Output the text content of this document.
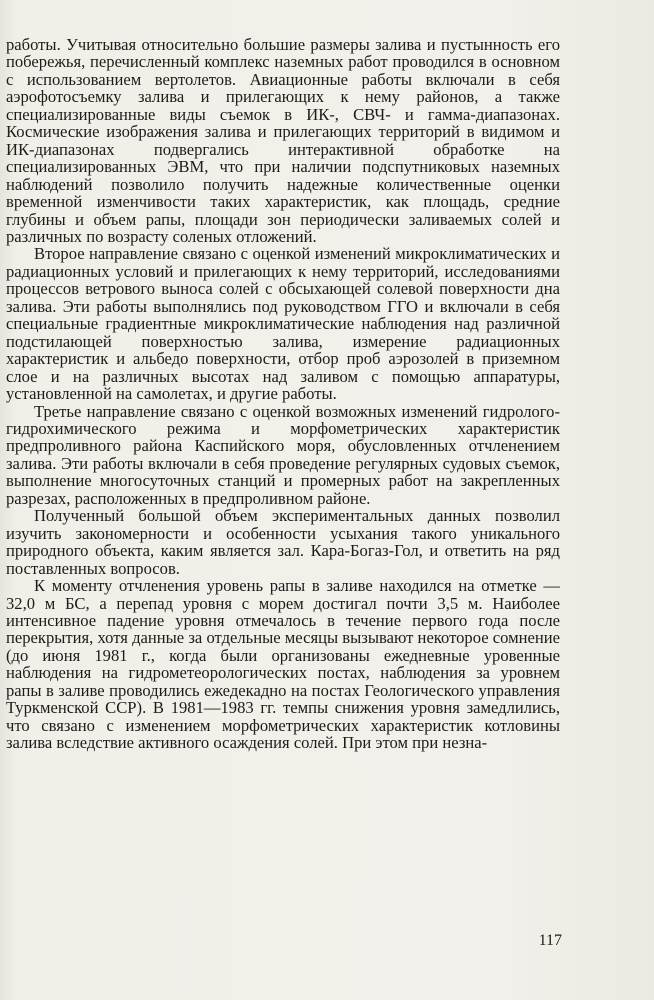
работы. Учитывая относительно большие размеры залива и пустынность его побережья, перечисленный комплекс наземных работ проводился в основном с использованием вертолетов. Авиационные работы включали в себя аэрофотосъемку залива и прилегающих к нему районов, а также специализированные виды съемок в ИК-, СВЧ- и гамма-диапазонах. Космические изображения залива и прилегающих территорий в видимом и ИК-диапазонах подвергались интерактивной обработке на специализированных ЭВМ, что при наличии подспутниковых наземных наблюдений позволило получить надежные количественные оценки временной изменчивости таких характеристик, как площадь, средние глубины и объем рапы, площади зон периодически заливаемых солей и различных по возрасту соленых отложений.

Второе направление связано с оценкой изменений микроклиматических и радиационных условий и прилегающих к нему территорий, исследованиями процессов ветрового выноса солей с обсыхающей солевой поверхности дна залива. Эти работы выполнялись под руководством ГГО и включали в себя специальные градиентные микроклиматические наблюдения над различной подстилающей поверхностью залива, измерение радиационных характеристик и альбедо поверхности, отбор проб аэрозолей в приземном слое и на различных высотах над заливом с помощью аппаратуры, установленной на самолетах, и другие работы.

Третье направление связано с оценкой возможных изменений гидролого-гидрохимического режима и морфометрических характеристик предпроливного района Каспийского моря, обусловленных отчленением залива. Эти работы включали в себя проведение регулярных судовых съемок, выполнение многосуточных станций и промерных работ на закрепленных разрезах, расположенных в предпроливном районе.

Полученный большой объем экспериментальных данных позволил изучить закономерности и особенности усыхания такого уникального природного объекта, каким является зал. Кара-Богаз-Гол, и ответить на ряд поставленных вопросов.

К моменту отчленения уровень рапы в заливе находился на отметке — 32,0 м БС, а перепад уровня с морем достигал почти 3,5 м. Наиболее интенсивное падение уровня отмечалось в течение первого года после перекрытия, хотя данные за отдельные месяцы вызывают некоторое сомнение (до июня 1981 г., когда были организованы ежедневные уровенные наблюдения на гидрометеорологических постах, наблюдения за уровнем рапы в заливе проводились ежедекадно на постах Геологического управления Туркменской ССР). В 1981—1983 гг. темпы снижения уровня замедлились, что связано с изменением морфометрических характеристик котловины залива вследствие активного осаждения солей. При этом при незна-

117
